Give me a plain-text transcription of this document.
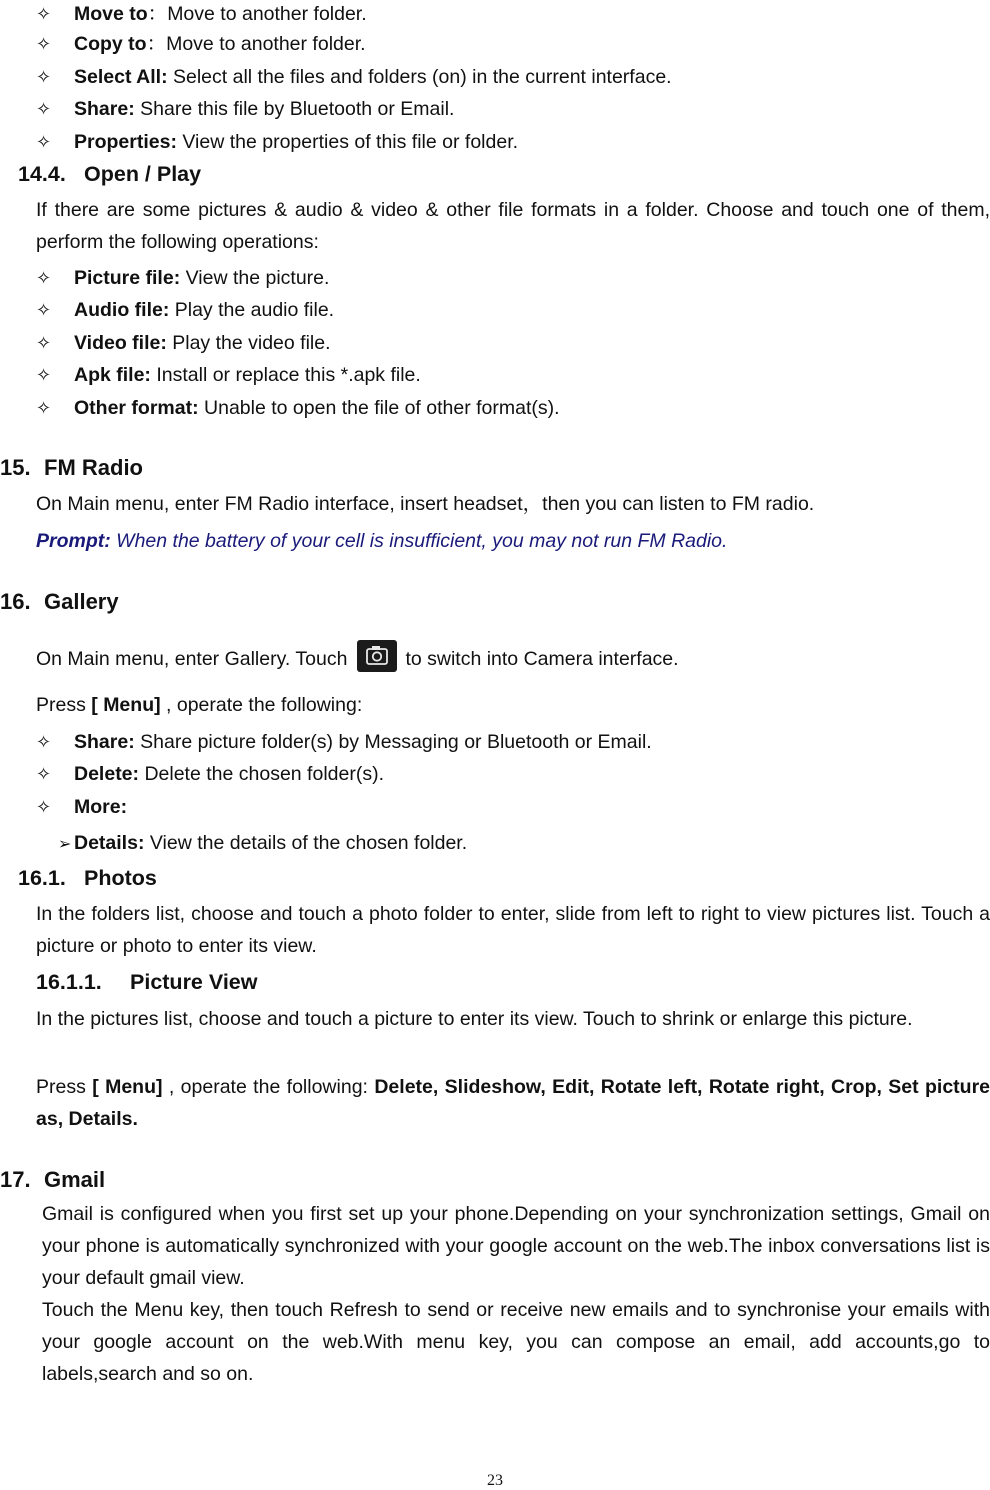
✧ Move to：Move to another folder.
✧ Copy to：Move to another folder.
✧ Select All: Select all the files and folders (on) in the current interface.
✧ Share: Share this file by Bluetooth or Email.
✧ Properties: View the properties of this file or folder.
14.4. Open / Play
If there are some pictures & audio & video & other file formats in a folder. Choose and touch one of them, perform the following operations:
✧ Picture file: View the picture.
✧ Audio file: Play the audio file.
✧ Video file: Play the video file.
✧ Apk file: Install or replace this *.apk file.
✧ Other format: Unable to open the file of other format(s).
15. FM Radio
On Main menu, enter FM Radio interface, insert headset，then you can listen to FM radio.
Prompt: When the battery of your cell is insufficient, you may not run FM Radio.
16. Gallery
On Main menu, enter Gallery. Touch	to switch into Camera interface.
Press [ Menu] , operate the following:
✧ Share: Share picture folder(s) by Messaging or Bluetooth or Email.
✧ Delete: Delete the chosen folder(s).
✧ More:
➢ Details: View the details of the chosen folder.
16.1. Photos
In the folders list, choose and touch a photo folder to enter, slide from left to right to view pictures list. Touch a picture or photo to enter its view.
16.1.1. Picture View
In the pictures list, choose and touch a picture to enter its view. Touch to shrink or enlarge this picture.
Press [ Menu] , operate the following: Delete, Slideshow, Edit, Rotate left, Rotate right, Crop, Set picture as, Details.
17. Gmail
Gmail is configured when you first set up your phone.Depending on your synchronization settings, Gmail on your phone is automatically synchronized with your google account on the web.The inbox conversations list is your default gmail view.
Touch the Menu key, then touch Refresh to send or receive new emails and to synchronise your emails with your google account on the web.With menu key, you can compose an email, add accounts,go to labels,search and so on.
23
